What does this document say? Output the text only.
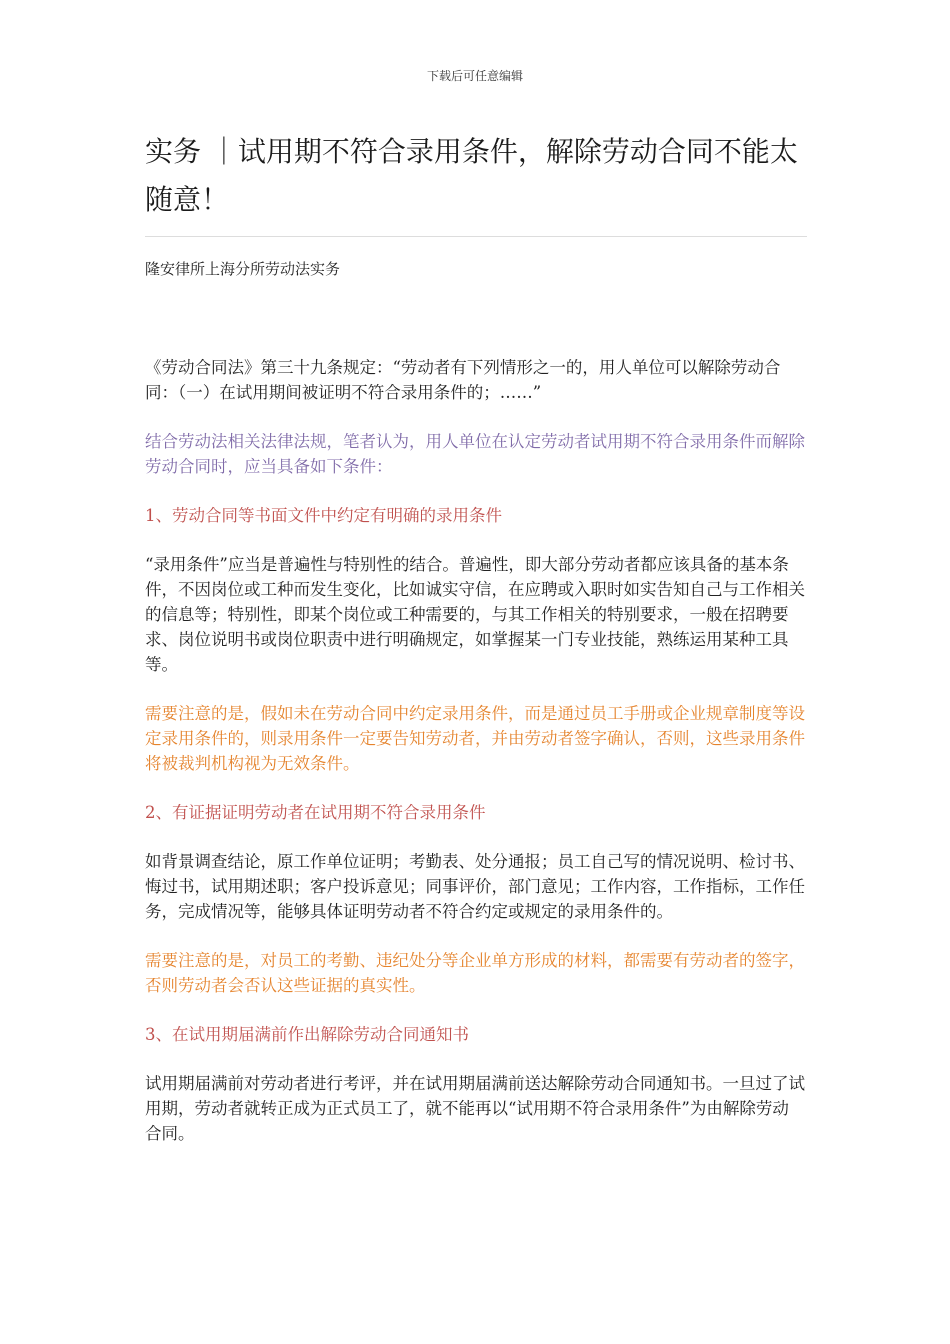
下载后可任意编辑
实务 ｜试用期不符合录用条件，解除劳动合同不能太随意！
隆安律所上海分所劳动法实务

《劳动合同法》第三十九条规定：“劳动者有下列情形之一的，用人单位可以解除劳动合同：（一）在试用期间被证明不符合录用条件的；……”

结合劳动法相关法律法规，笔者认为，用人单位在认定劳动者试用期不符合录用条件而解除劳动合同时，应当具备如下条件：

1、劳动合同等书面文件中约定有明确的录用条件

“录用条件”应当是普遍性与特别性的结合。普遍性，即大部分劳动者都应该具备的基本条件，不因岗位或工种而发生变化，比如诚实守信，在应聘或入职时如实告知自己与工作相关的信息等；特别性，即某个岗位或工种需要的，与其工作相关的特别要求，一般在招聘要求、岗位说明书或岗位职责中进行明确规定，如掌握某一门专业技能，熟练运用某种工具等。

需要注意的是，假如未在劳动合同中约定录用条件，而是通过员工手册或企业规章制度等设定录用条件的，则录用条件一定要告知劳动者，并由劳动者签字确认，否则，这些录用条件将被裁判机构视为无效条件。

2、有证据证明劳动者在试用期不符合录用条件

如背景调查结论，原工作单位证明；考勤表、处分通报；员工自己写的情况说明、检讨书、悔过书，试用期述职；客户投诉意见；同事评价，部门意见；工作内容，工作指标，工作任务，完成情况等，能够具体证明劳动者不符合约定或规定的录用条件的。

需要注意的是，对员工的考勤、违纪处分等企业单方形成的材料，都需要有劳动者的签字，否则劳动者会否认这些证据的真实性。

3、在试用期届满前作出解除劳动合同通知书

试用期届满前对劳动者进行考评，并在试用期届满前送达解除劳动合同通知书。一旦过了试用期，劳动者就转正成为正式员工了，就不能再以“试用期不符合录用条件”为由解除劳动合同。
